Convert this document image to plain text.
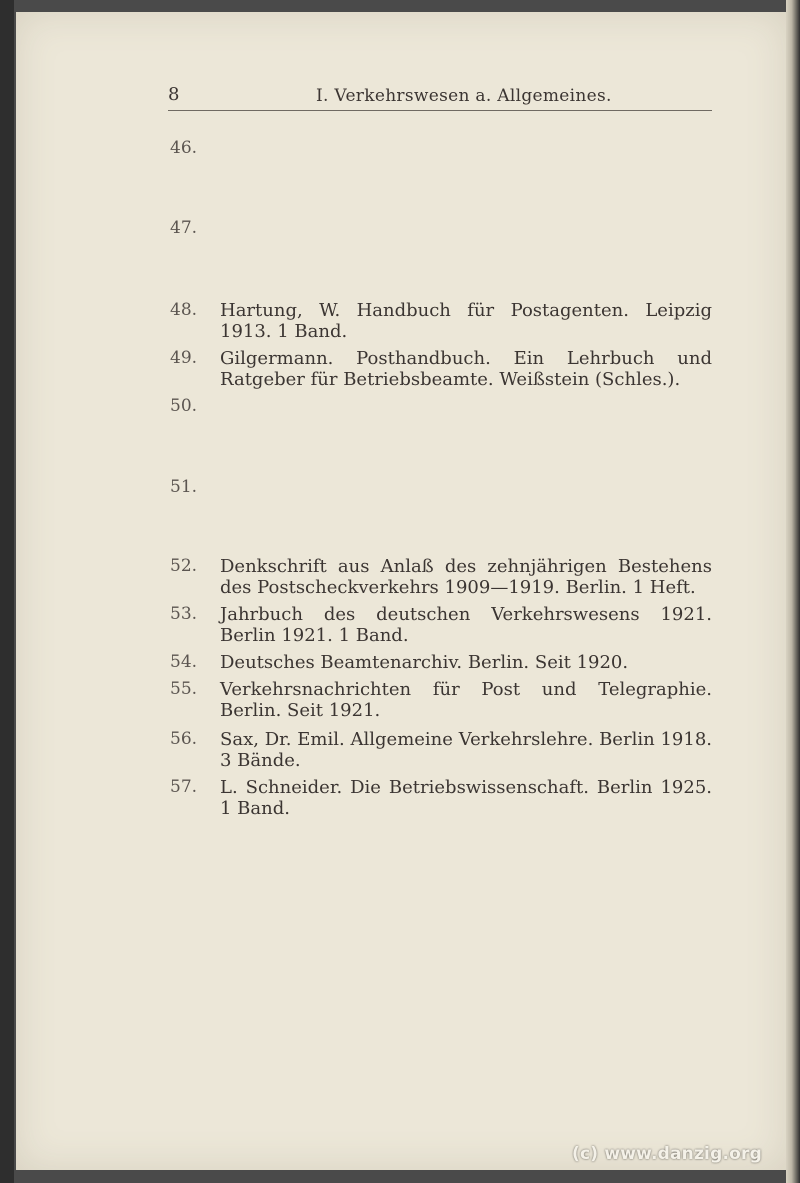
8	I. Verkehrswesen a. Allgemeines.
46.
47.
48. Hartung, W. Handbuch für Postagenten. Leipzig 1913. 1 Band.
49. Gilgermann. Posthandbuch. Ein Lehrbuch und Ratgeber für Betriebsbeamte. Weißstein (Schles.).
50.
51.
52. Denkschrift aus Anlaß des zehnjährigen Bestehens des Postscheckverkehrs 1909—1919. Berlin. 1 Heft.
53. Jahrbuch des deutschen Verkehrswesens 1921. Berlin 1921. 1 Band.
54. Deutsches Beamtenarchiv. Berlin. Seit 1920.
55. Verkehrsnachrichten für Post und Telegraphie. Berlin. Seit 1921.
56. Sax, Dr. Emil. Allgemeine Verkehrslehre. Berlin 1918. 3 Bände.
57. L. Schneider. Die Betriebswissenschaft. Berlin 1925. 1 Band.
(c) www.danzig.org
